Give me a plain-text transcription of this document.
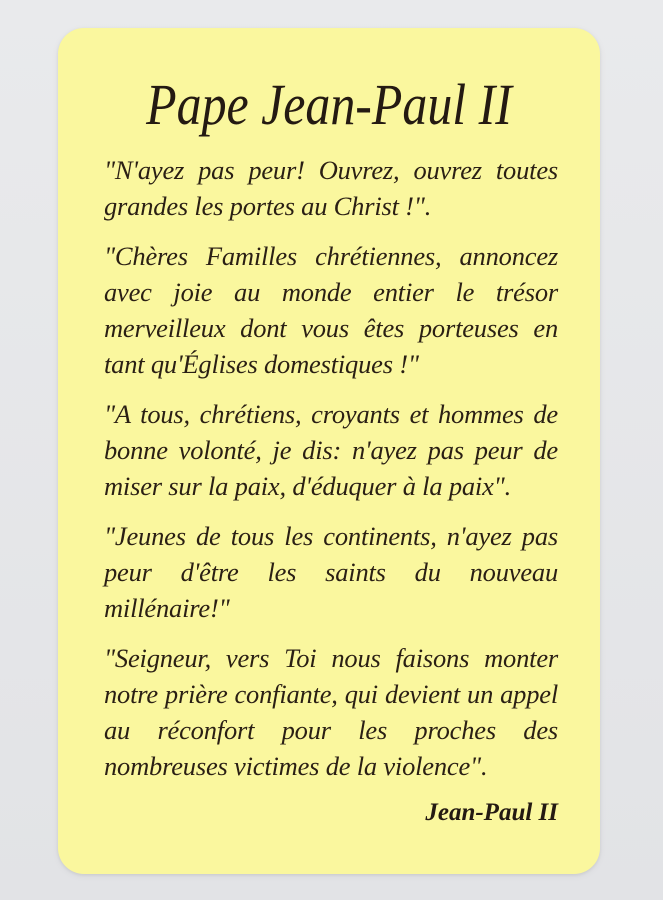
Pape Jean-Paul II

"N'ayez pas peur! Ouvrez, ouvrez toutes grandes les portes au Christ !".

"Chères Familles chrétiennes, annoncez avec joie au monde entier le trésor merveilleux dont vous êtes porteuses en tant qu'Églises domestiques !"

"A tous, chrétiens, croyants et hommes de bonne volonté, je dis: n'ayez pas peur de miser sur la paix, d'éduquer à la paix".

"Jeunes de tous les continents, n'ayez pas peur d'être les saints du nouveau millénaire!"

"Seigneur, vers Toi nous faisons monter notre prière confiante, qui devient un appel au réconfort pour les proches des nombreuses victimes de la violence".

Jean-Paul II
